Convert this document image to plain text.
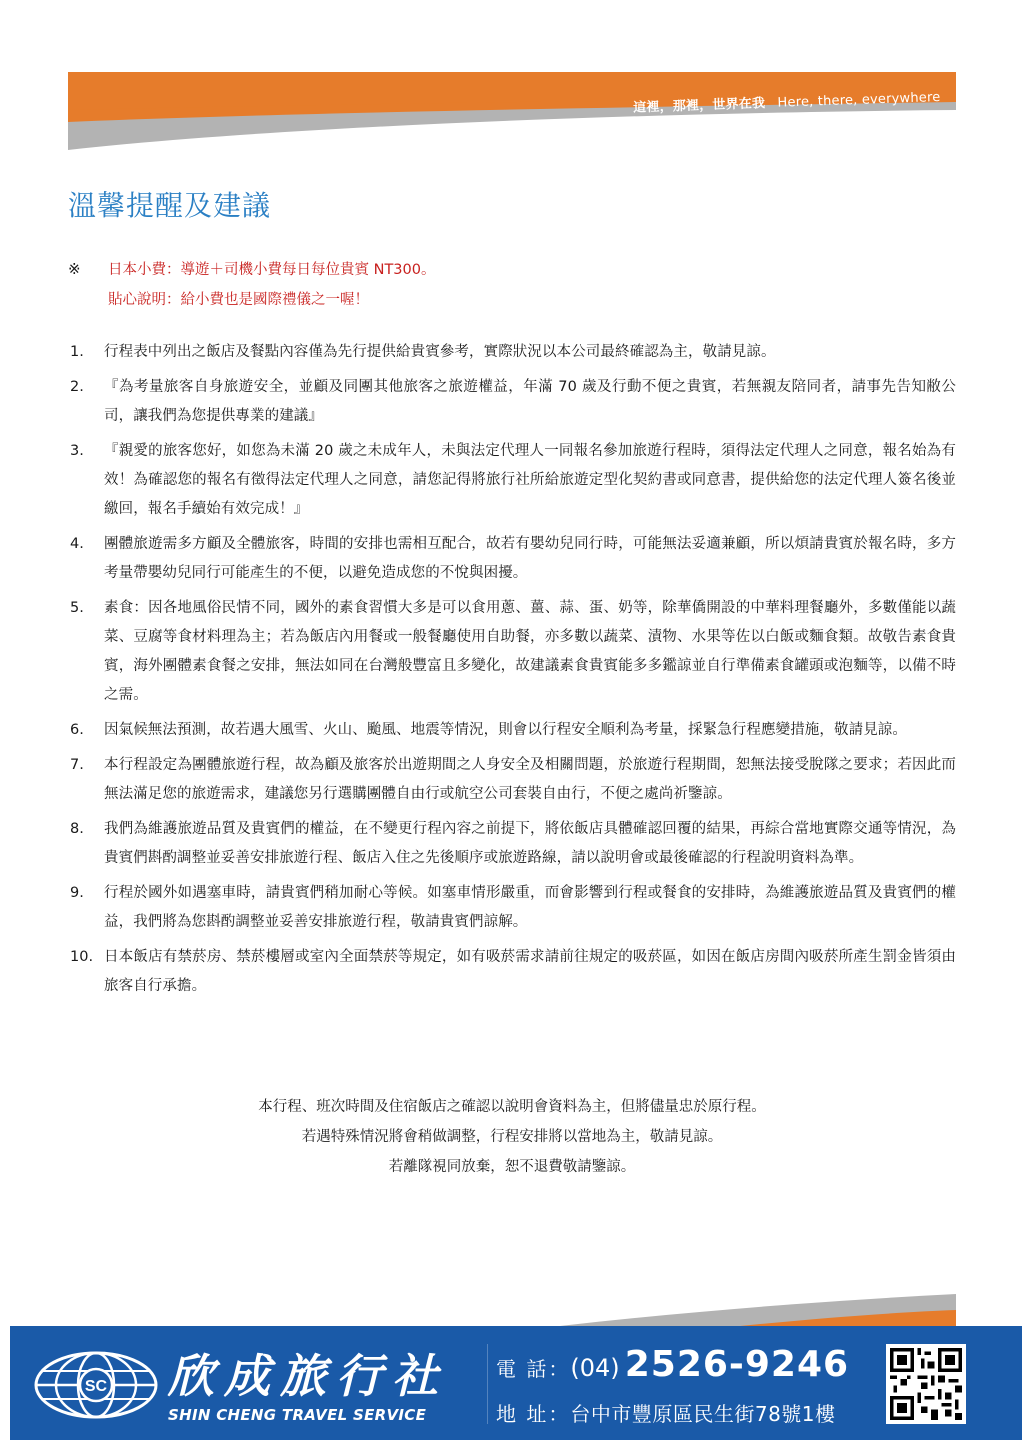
這裡，那裡，世界在我 Here, there, everywhere
溫馨提醒及建議
※	日本小費：導遊＋司機小費每日每位貴賓 NT300。
貼心說明：給小費也是國際禮儀之一喔！
1.	行程表中列出之飯店及餐點內容僅為先行提供給貴賓參考，實際狀況以本公司最終確認為主，敬請見諒。
2.	『為考量旅客自身旅遊安全，並顧及同團其他旅客之旅遊權益，年滿 70 歲及行動不便之貴賓，若無親友陪同者，請事先告知敝公司，讓我們為您提供專業的建議』
3.	『親愛的旅客您好，如您為未滿 20 歲之未成年人，未與法定代理人一同報名參加旅遊行程時，須得法定代理人之同意，報名始為有效！為確認您的報名有徵得法定代理人之同意，請您記得將旅行社所給旅遊定型化契約書或同意書，提供給您的法定代理人簽名後並繳回，報名手續始有效完成！』
4.	團體旅遊需多方顧及全體旅客，時間的安排也需相互配合，故若有嬰幼兒同行時，可能無法妥適兼顧，所以煩請貴賓於報名時，多方考量帶嬰幼兒同行可能產生的不便，以避免造成您的不悅與困擾。
5.	素食：因各地風俗民情不同，國外的素食習慣大多是可以食用蔥、薑、蒜、蛋、奶等，除華僑開設的中華料理餐廳外，多數僅能以蔬菜、豆腐等食材料理為主；若為飯店內用餐或一般餐廳使用自助餐，亦多數以蔬菜、漬物、水果等佐以白飯或麵食類。故敬告素食貴賓，海外團體素食餐之安排，無法如同在台灣般豐富且多變化，故建議素食貴賓能多多鑑諒並自行準備素食罐頭或泡麵等，以備不時之需。
6.	因氣候無法預測，故若遇大風雪、火山、颱風、地震等情況，則會以行程安全順利為考量，採緊急行程應變措施，敬請見諒。
7.	本行程設定為團體旅遊行程，故為顧及旅客於出遊期間之人身安全及相關問題，於旅遊行程期間，恕無法接受脫隊之要求；若因此而無法滿足您的旅遊需求，建議您另行選購團體自由行或航空公司套裝自由行，不便之處尚祈鑒諒。
8.	我們為維護旅遊品質及貴賓們的權益，在不變更行程內容之前提下，將依飯店具體確認回覆的結果，再綜合當地實際交通等情況，為貴賓們斟酌調整並妥善安排旅遊行程、飯店入住之先後順序或旅遊路線，請以說明會或最後確認的行程說明資料為準。
9.	行程於國外如遇塞車時，請貴賓們稍加耐心等候。如塞車情形嚴重，而會影響到行程或餐食的安排時，為維護旅遊品質及貴賓們的權益，我們將為您斟酌調整並妥善安排旅遊行程，敬請貴賓們諒解。
10. 日本飯店有禁菸房、禁菸樓層或室內全面禁菸等規定，如有吸菸需求請前往規定的吸菸區，如因在飯店房間內吸菸所產生罰金皆須由旅客自行承擔。

本行程、班次時間及住宿飯店之確認以說明會資料為主，但將儘量忠於原行程。

若遇特殊情況將會稍做調整，行程安排將以當地為主，敬請見諒。

若離隊視同放棄，恕不退費敬請鑒諒。

SC 欣成旅行社
SHIN CHENG TRAVEL SERVICE
電 話：(04) 2526-9246
地 址：台中市豐原區民生街78號1樓
